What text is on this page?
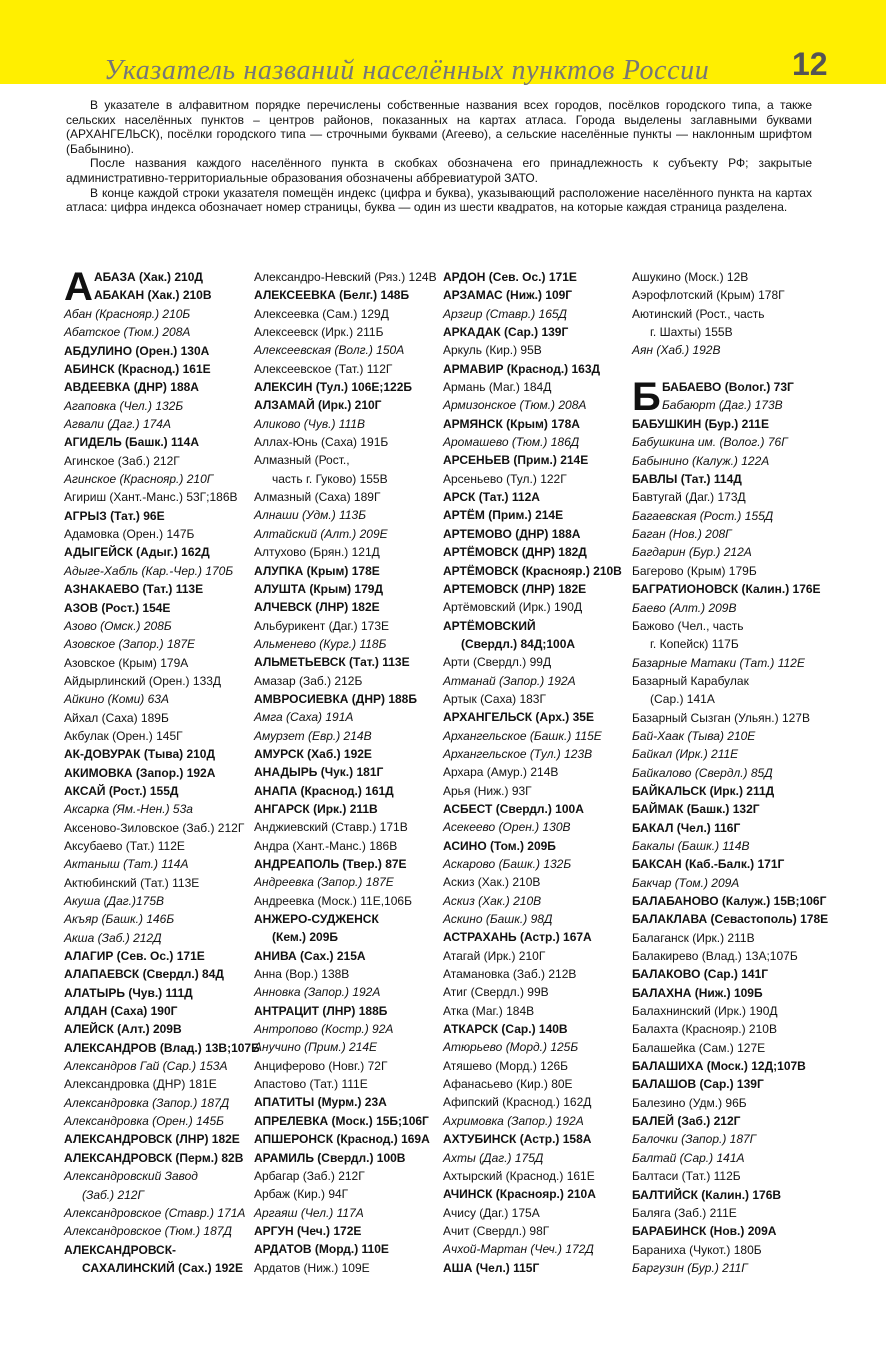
Указатель названий населённых пунктов России	12

В указателе в алфавитном порядке перечислены собственные названия всех городов, посёлков городского типа, а также сельских населённых пунктов – центров районов, показанных на картах атласа. Города выделены заглавными буквами (АРХАНГЕЛЬСК), посёлки городского типа — строчными буквами (Агеево), а сельские населённые пункты — наклонным шрифтом (Бабынино).

После названия каждого населённого пункта в скобках обозначена его принадлежность к субъекту РФ; закрытые административно-территориальные образования обозначены аббревиатурой ЗАТО.

В конце каждой строки указателя помещён индекс (цифра и буква), указывающий расположение населённого пункта на картах атласа: цифра индекса обозначает номер страницы, буква — один из шести квадратов, на которые каждая страница разделена.

А АБАЗА (Хак.) 210Д
АБАКАН (Хак.) 210В
Абан (Краснояр.) 210Б
Абатское (Тюм.) 208А
АБДУЛИНО (Орен.) 130А
АБИНСК (Краснод.) 161Е
АВДЕЕВКА (ДНР) 188А
Агаповка (Чел.) 132Б
Агвали (Даг.) 174А
АГИДЕЛЬ (Башк.) 114А
Агинское (Заб.) 212Г
Агинское (Краснояр.) 210Г
Агириш (Хант.-Манс.) 53Г;186В
АГРЫЗ (Тат.) 96Е
Адамовка (Орен.) 147Б
АДЫГЕЙСК (Адыг.) 162Д
Адыге-Хабль (Кар.-Чер.) 170Б
АЗНАКАЕВО (Тат.) 113Е
АЗОВ (Рост.) 154Е
Азово (Омск.) 208Б
Азовское (Запор.) 187Е
Азовское (Крым) 179А
Айдырлинский (Орен.) 133Д
Айкино (Коми) 63А
Айхал (Саха) 189Б
Акбулак (Орен.) 145Г
АК-ДОВУРАК (Тыва) 210Д
АКИМОВКА (Запор.) 192А
АКСАЙ (Рост.) 155Д
Аксарка (Ям.-Нен.) 53а
Аксеново-Зиловское (Заб.) 212Г
Аксубаево (Тат.) 112Е
Актаныш (Тат.) 114А
Актюбинский (Тат.) 113Е
Акуша (Даг.)175В
Акъяр (Башк.) 146Б
Акша (Заб.) 212Д
АЛАГИР (Сев. Ос.) 171Е
АЛАПАЕВСК (Свердл.) 84Д
АЛАТЫРЬ (Чув.) 111Д
АЛДАН (Саха) 190Г
АЛЕЙСК (Алт.) 209В
АЛЕКСАНДРОВ (Влад.) 13В;107Б
Александров Гай (Сар.) 153А
Александровка (ДНР) 181Е
Александровка (Запор.) 187Д
Александровка (Орен.) 145Б
АЛЕКСАНДРОВСК (ЛНР) 182Е
АЛЕКСАНДРОВСК (Перм.) 82В
Александровский Завод
(Заб.) 212Г
Александровское (Ставр.) 171А
Александровское (Тюм.) 187Д
АЛЕКСАНДРОВСК-
САХАЛИНСКИЙ (Сах.) 192Е
Александро-Невский (Ряз.) 124В
АЛЕКСЕЕВКА (Белг.) 148Б
Алексеевка (Сам.) 129Д
Алексеевск (Ирк.) 211Б
Алексеевская (Волг.) 150А
Алексеевское (Тат.) 112Г
АЛЕКСИН (Тул.) 106Е;122Б
АЛЗАМАЙ (Ирк.) 210Г
Аликово (Чув.) 111В
Аллах-Юнь (Саха) 191Б
Алмазный (Рост.,
часть г. Гуково) 155В
Алмазный (Саха) 189Г
Алнаши (Удм.) 113Б
Алтайский (Алт.) 209Е
Алтухово (Брян.) 121Д
АЛУПКА (Крым) 178Е
АЛУШТА (Крым) 179Д
АЛЧЕВСК (ЛНР) 182Е
Альбурикент (Даг.) 173Е
Альменево (Кург.) 118Б
АЛЬМЕТЬЕВСК (Тат.) 113Е
Амазар (Заб.) 212Б
АМВРОСИЕВКА (ДНР) 188Б
Амга (Саха) 191А
Амурзет (Евр.) 214В
АМУРСК (Хаб.) 192Е
АНАДЫРЬ (Чук.) 181Г
АНАПА (Краснод.) 161Д
АНГАРСК (Ирк.) 211В
Анджиевский (Ставр.) 171В
Андра (Хант.-Манс.) 186В
АНДРЕАПОЛЬ (Твер.) 87Е
Андреевка (Запор.) 187Е
Андреевка (Моск.) 11Е,106Б
АНЖЕРО-СУДЖЕНСК
(Кем.) 209Б
АНИВА (Сах.) 215А
Анна (Вор.) 138В
Анновка (Запор.) 192А
АНТРАЦИТ (ЛНР) 188Б
Антропово (Костр.) 92А
Анучино (Прим.) 214Е
Анциферово (Новг.) 72Г
Апастово (Тат.) 111Е
АПАТИТЫ (Мурм.) 23А
АПРЕЛЕВКА (Моск.) 15Б;106Г
АПШЕРОНСК (Краснод.) 169А
АРАМИЛЬ (Свердл.) 100В
Арбагар (Заб.) 212Г
Арбаж (Кир.) 94Г
Аргаяш (Чел.) 117А
АРГУН (Чеч.) 172Е
АРДАТОВ (Морд.) 110Е
Ардатов (Ниж.) 109Е
АРДОН (Сев. Ос.) 171Е
АРЗАМАС (Ниж.) 109Г
Арзгир (Ставр.) 165Д
АРКАДАК (Сар.) 139Г
Аркуль (Кир.) 95В
АРМАВИР (Краснод.) 163Д
Армань (Маг.) 184Д
Армизонское (Тюм.) 208А
АРМЯНСК (Крым) 178А
Аромашево (Тюм.) 186Д
АРСЕНЬЕВ (Прим.) 214Е
Арсеньево (Тул.) 122Г
АРСК (Тат.) 112А
АРТЁМ (Прим.) 214Е
АРТЕМОВО (ДНР) 188А
АРТЁМОВСК (ДНР) 182Д
АРТЁМОВСК (Краснояр.) 210В
АРТЕМОВСК (ЛНР) 182Е
Артёмовский (Ирк.) 190Д
АРТЁМОВСКИЙ
(Свердл.) 84Д;100А
Арти (Свердл.) 99Д
Атманай (Запор.) 192А
Артык (Саха) 183Г
АРХАНГЕЛЬСК (Арх.) 35Е
Архангельское (Башк.) 115Е
Архангельское (Тул.) 123В
Архара (Амур.) 214В
Арья (Ниж.) 93Г
АСБЕСТ (Свердл.) 100А
Асекеево (Орен.) 130В
АСИНО (Том.) 209Б
Аскарово (Башк.) 132Б
Аскиз (Хак.) 210В
Аскиз (Хак.) 210В
Аскино (Башк.) 98Д
АСТРАХАНЬ (Астр.) 167А
Атагай (Ирк.) 210Г
Атамановка (Заб.) 212В
Атиг (Свердл.) 99В
Атка (Маг.) 184В
АТКАРСК (Сар.) 140В
Атюрьево (Морд.) 125Б
Атяшево (Морд.) 126Б
Афанасьево (Кир.) 80Е
Афипский (Краснод.) 162Д
Ахримовка (Запор.) 192А
АХТУБИНСК (Астр.) 158А
Ахты (Даг.) 175Д
Ахтырский (Краснод.) 161Е
АЧИНСК (Краснояр.) 210А
Ачису (Даг.) 175А
Ачит (Свердл.) 98Г
Ачхой-Мартан (Чеч.) 172Д
АША (Чел.) 115Г
Ашукино (Моск.) 12В
Аэрофлотский (Крым) 178Г
Аютинский (Рост., часть
г. Шахты) 155В
Аян (Хаб.) 192В
Б БАБАЕВО (Волог.) 73Г
Бабаюрт (Даг.) 173В
БАБУШКИН (Бур.) 211Е
Бабушкина им. (Волог.) 76Г
Бабынино (Калуж.) 122А
БАВЛЫ (Тат.) 114Д
Бавтугай (Даг.) 173Д
Багаевская (Рост.) 155Д
Баган (Нов.) 208Г
Багдарин (Бур.) 212А
Багерово (Крым) 179Б
БАГРАТИОНОВСК (Калин.) 176Е
Баево (Алт.) 209В
Бажово (Чел., часть
г. Копейск) 117Б
Базарные Матаки (Тат.) 112Е
Базарный Карабулак
(Сар.) 141А
Базарный Сызган (Ульян.) 127В
Бай-Хаак (Тыва) 210Е
Байкал (Ирк.) 211Е
Байкалово (Свердл.) 85Д
БАЙКАЛЬСК (Ирк.) 211Д
БАЙМАК (Башк.) 132Г
БАКАЛ (Чел.) 116Г
Бакалы (Башк.) 114В
БАКСАН (Каб.-Балк.) 171Г
Бакчар (Том.) 209А
БАЛАБАНОВО (Калуж.) 15В;106Г
БАЛАКЛАВА (Севастополь) 178Е
Балаганск (Ирк.) 211В
Балакирево (Влад.) 13А;107Б
БАЛАКОВО (Сар.) 141Г
БАЛАХНА (Ниж.) 109Б
Балахнинский (Ирк.) 190Д
Балахта (Краснояр.) 210В
Балашейка (Сам.) 127Е
БАЛАШИХА (Моск.) 12Д;107В
БАЛАШОВ (Сар.) 139Г
Балезино (Удм.) 96Б
БАЛЕЙ (Заб.) 212Г
Балочки (Запор.) 187Г
Балтай (Сар.) 141А
Балтаси (Тат.) 112Б
БАЛТИЙСК (Калин.) 176В
Баляга (Заб.) 211Е
БАРАБИНСК (Нов.) 209А
Бараниха (Чукот.) 180Б
Баргузин (Бур.) 211Г
